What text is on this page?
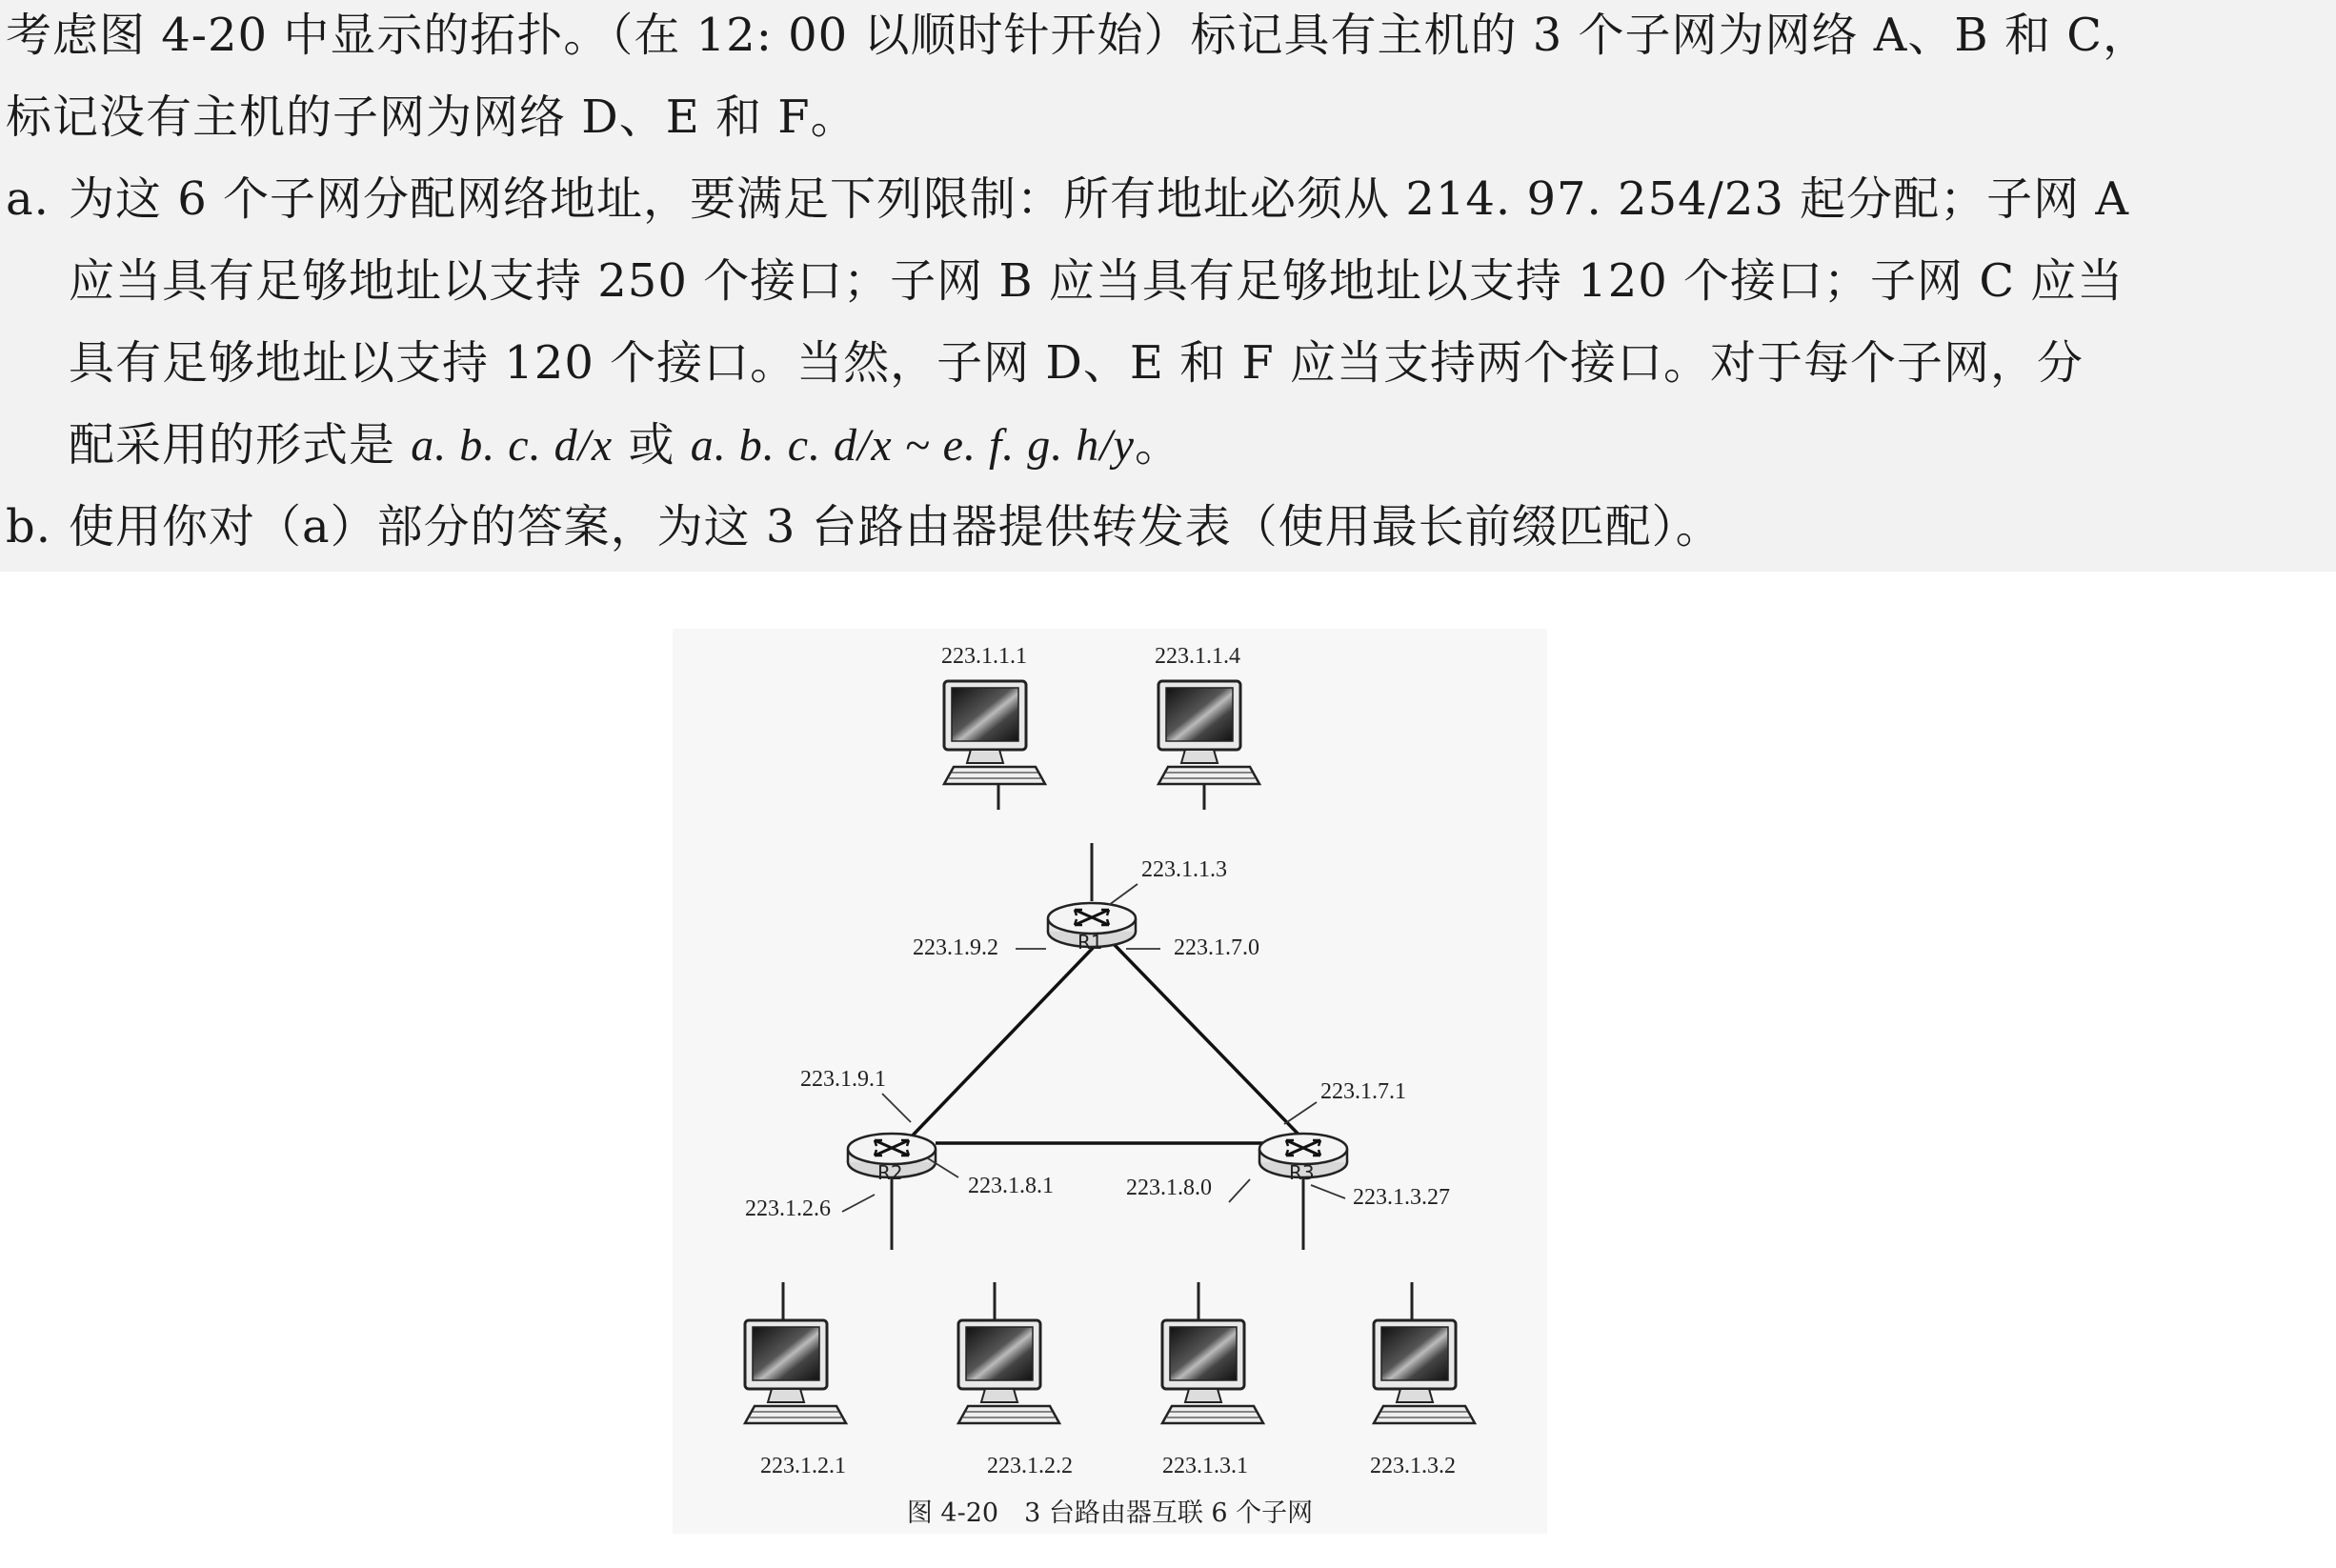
考虑图 4-20 中显示的拓扑。（在 12: 00 以顺时针开始）标记具有主机的 3 个子网为网络 A、B 和 C，
标记没有主机的子网为网络 D、E 和 F。
a. 为这 6 个子网分配网络地址，要满足下列限制：所有地址必须从 214. 97. 254/23 起分配；子网 A
应当具有足够地址以支持 250 个接口；子网 B 应当具有足够地址以支持 120 个接口；子网 C 应当
具有足够地址以支持 120 个接口。当然，子网 D、E 和 F 应当支持两个接口。对于每个子网，分
配采用的形式是 a. b. c. d/x 或 a. b. c. d/x ~ e. f. g. h/y。
b. 使用你对（a）部分的答案，为这 3 台路由器提供转发表（使用最长前缀匹配）。
223.1.1.1	223.1.1.4
R1
R2	R3
223.1.1.3
223.1.9.2	223.1.7.0
223.1.9.1	223.1.7.1
223.1.8.1	223.1.8.0
223.1.2.6	223.1.3.27
223.1.2.1	223.1.2.2	223.1.3.1	223.1.3.2
图 4-20　3 台路由器互联 6 个子网
